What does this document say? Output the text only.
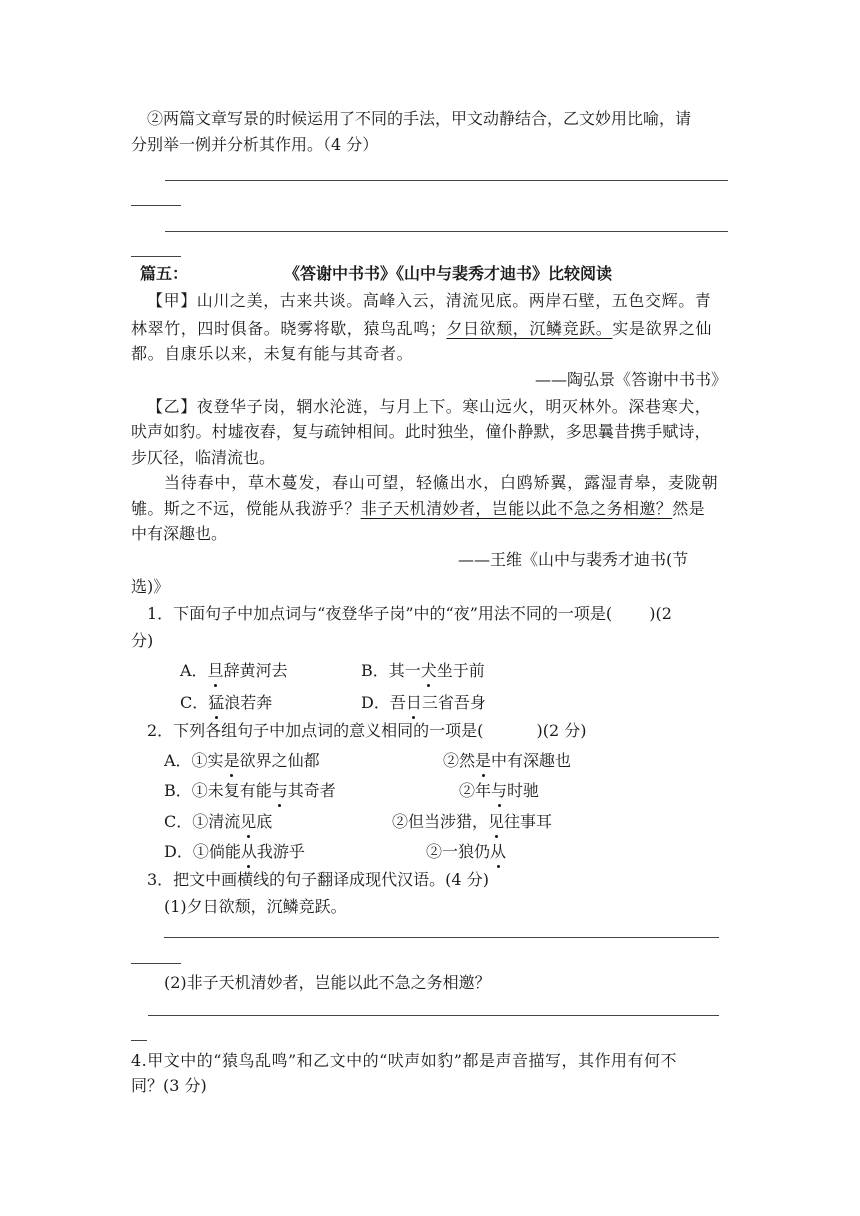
②两篇文章写景的时候运用了不同的手法，甲文动静结合，乙文妙用比喻，请
分别举一例并分析其作用。（4 分）
篇五：	《答谢中书书》《山中与裴秀才迪书》比较阅读
【甲】山川之美，古来共谈。高峰入云，清流见底。两岸石壁，五色交辉。青
林翠竹，四时俱备。晓雾将歇，猿鸟乱鸣；夕日欲颓，沉鳞竞跃。实是欲界之仙
都。自康乐以来，未复有能与其奇者。
——陶弘景《答谢中书书》
【乙】夜登华子岗，辋水沦涟，与月上下。寒山远火，明灭林外。深巷寒犬，
吠声如豹。村墟夜舂，复与疏钟相间。此时独坐，僮仆静默，多思曩昔携手赋诗，
步仄径，临清流也。
当待春中，草木蔓发，春山可望，轻鯈出水，白鸥矫翼，露湿青皋，麦陇朝
雊。斯之不远，傥能从我游乎？非子天机清妙者，岂能以此不急之务相邀？然是
中有深趣也。
——王维《山中与裴秀才迪书(节
选)》
1．下面句子中加点词与“夜登华子岗”中的“夜”用法不同的一项是(　　 )(2
分)
A．旦辞黄河去	B．其一犬坐于前
C．猛浪若奔	D．吾日三省吾身
2．下列各组句子中加点词的意义相同的一项是(　　　 )(2 分)
A．①实是欲界之仙都	②然是中有深趣也
B．①未复有能与其奇者	②年与时驰
C．①清流见底	②但当涉猎，见往事耳
D．①倘能从我游乎	②一狼仍从
3．把文中画横线的句子翻译成现代汉语。(4 分)
(1)夕日欲颓，沉鳞竞跃。
(2)非子天机清妙者，岂能以此不急之务相邀？
4.甲文中的“猿鸟乱鸣”和乙文中的“吠声如豹”都是声音描写，其作用有何不
同？(3 分)
